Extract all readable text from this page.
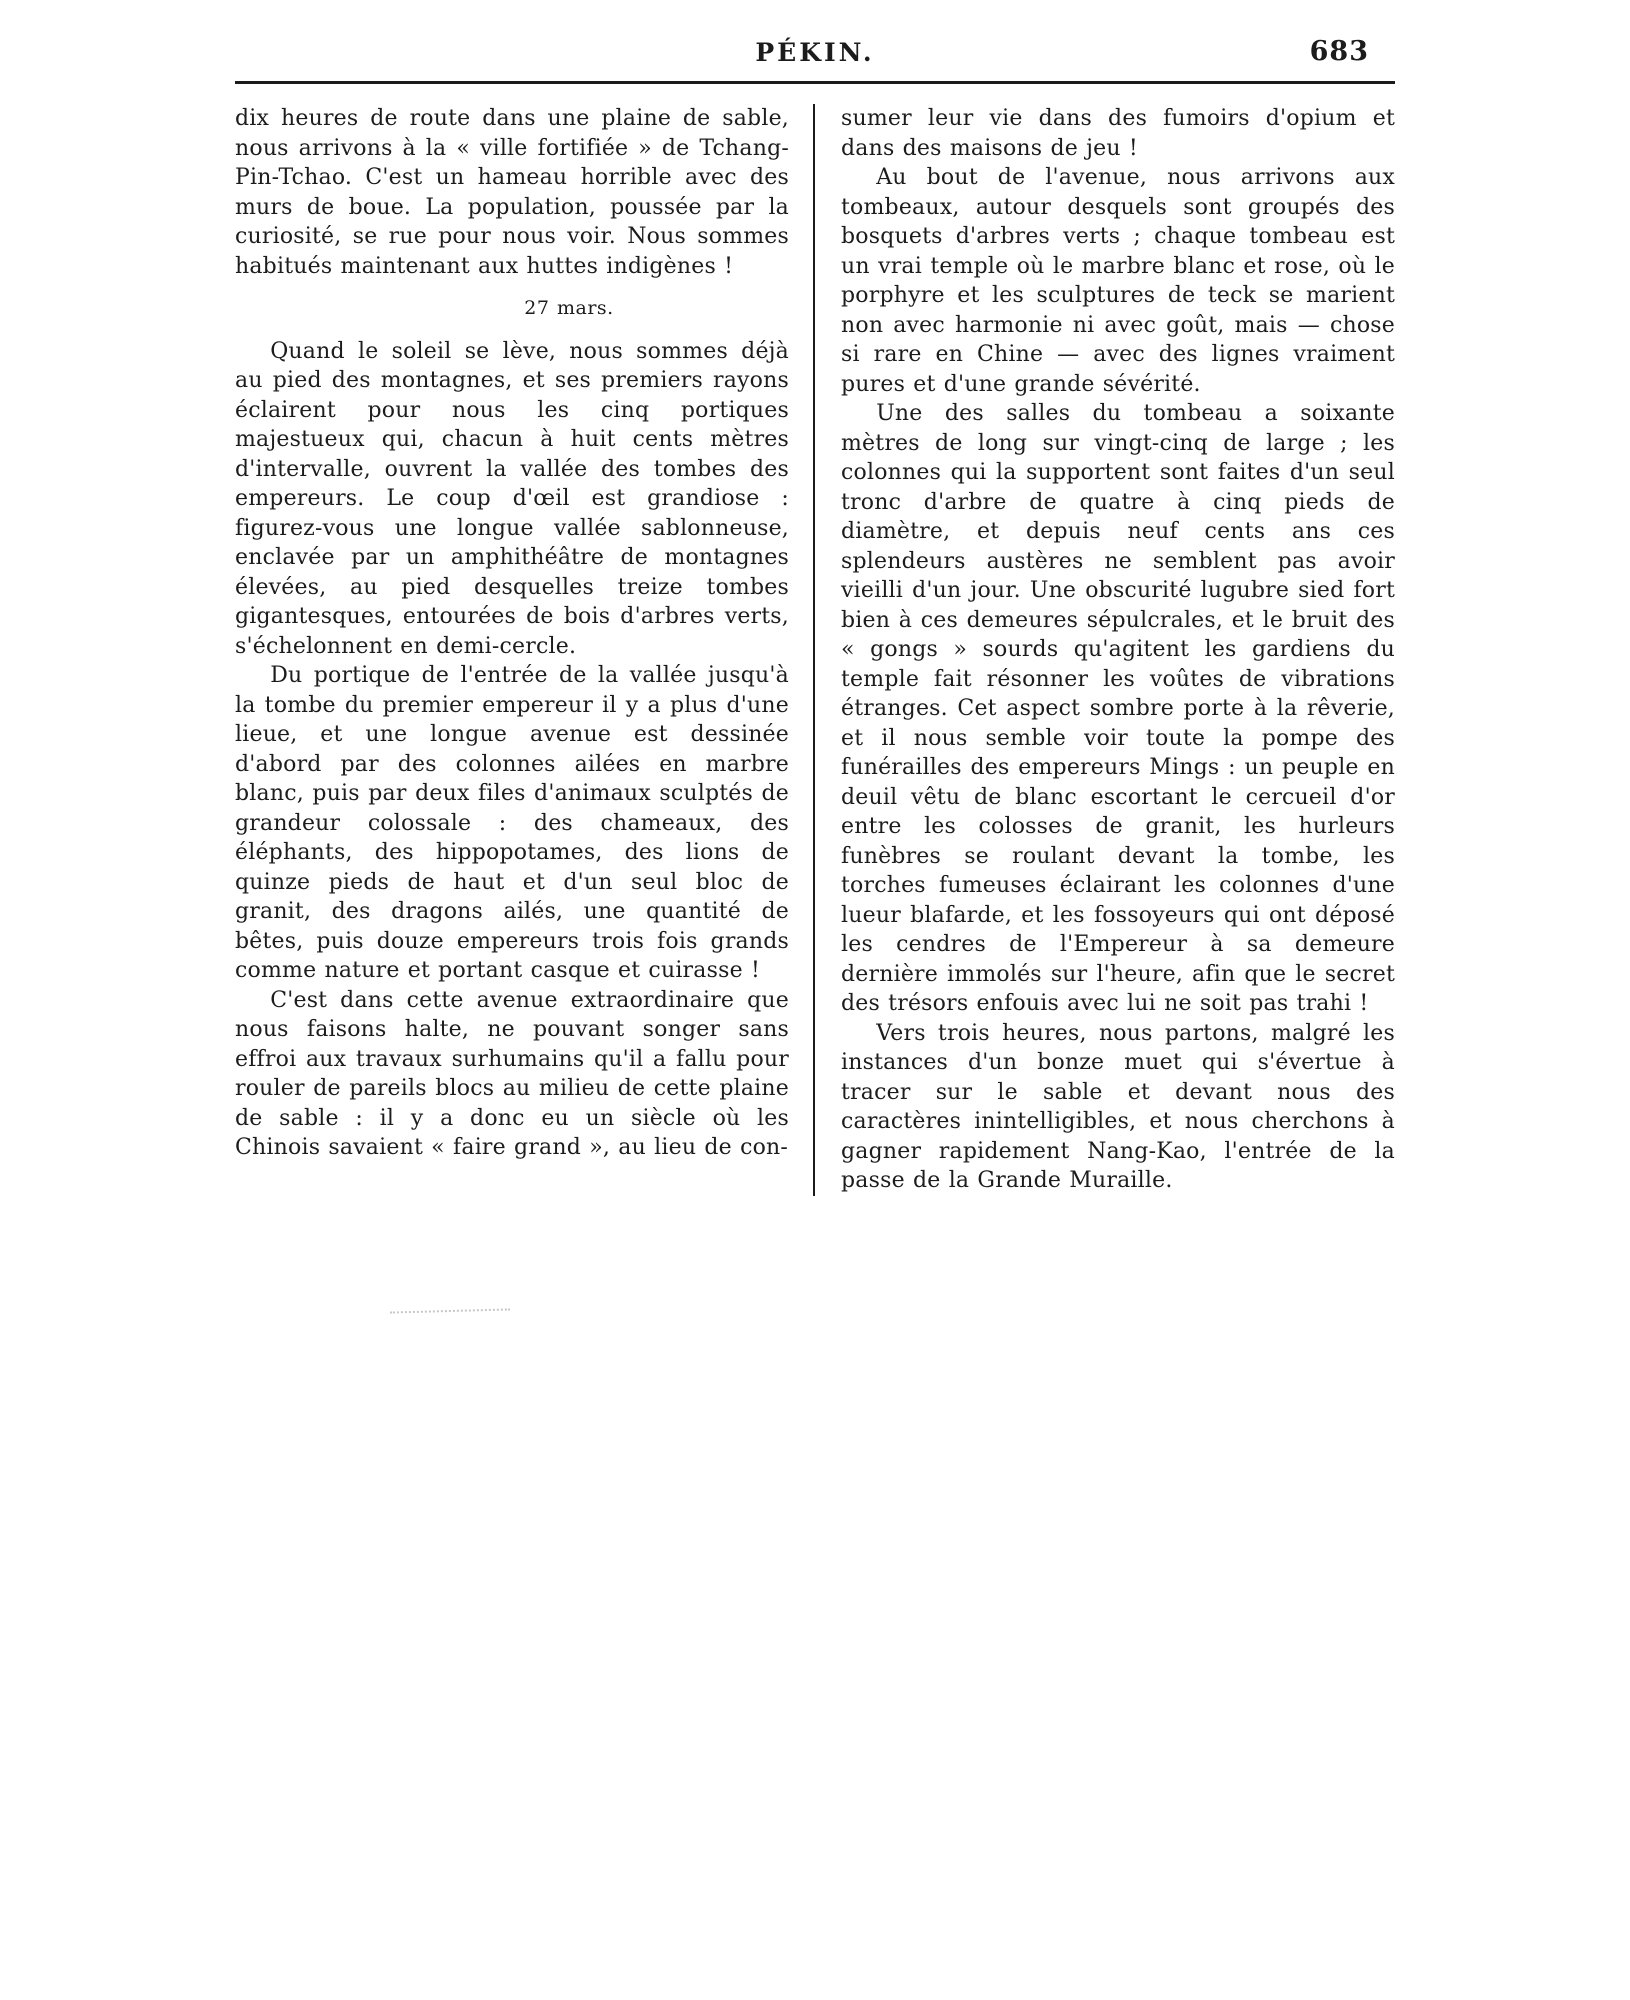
PÉKIN.	683

dix heures de route dans une plaine de sable, nous arrivons à la « ville fortifiée » de Tchang-Pin-Tchao. C'est un hameau horrible avec des murs de boue. La population, poussée par la curiosité, se rue pour nous voir. Nous sommes habitués maintenant aux huttes indigènes !

27 mars.

Quand le soleil se lève, nous sommes déjà au pied des montagnes, et ses premiers rayons éclairent pour nous les cinq portiques majestueux qui, chacun à huit cents mètres d'intervalle, ouvrent la vallée des tombes des empereurs. Le coup d'œil est grandiose : figurez-vous une longue vallée sablonneuse, enclavée par un amphithéâtre de montagnes élevées, au pied desquelles treize tombes gigantesques, entourées de bois d'arbres verts, s'échelonnent en demi-cercle.

Du portique de l'entrée de la vallée jusqu'à la tombe du premier empereur il y a plus d'une lieue, et une longue avenue est dessinée d'abord par des colonnes ailées en marbre blanc, puis par deux files d'animaux sculptés de grandeur colossale : des chameaux, des éléphants, des hippopotames, des lions de quinze pieds de haut et d'un seul bloc de granit, des dragons ailés, une quantité de bêtes, puis douze empereurs trois fois grands comme nature et portant casque et cuirasse !

C'est dans cette avenue extraordinaire que nous faisons halte, ne pouvant songer sans effroi aux travaux surhumains qu'il a fallu pour rouler de pareils blocs au milieu de cette plaine de sable : il y a donc eu un siècle où les Chinois savaient « faire grand », au lieu de con-

sumer leur vie dans des fumoirs d'opium et dans des maisons de jeu !

Au bout de l'avenue, nous arrivons aux tombeaux, autour desquels sont groupés des bosquets d'arbres verts ; chaque tombeau est un vrai temple où le marbre blanc et rose, où le porphyre et les sculptures de teck se marient non avec harmonie ni avec goût, mais — chose si rare en Chine — avec des lignes vraiment pures et d'une grande sévérité.

Une des salles du tombeau a soixante mètres de long sur vingt-cinq de large ; les colonnes qui la supportent sont faites d'un seul tronc d'arbre de quatre à cinq pieds de diamètre, et depuis neuf cents ans ces splendeurs austères ne semblent pas avoir vieilli d'un jour. Une obscurité lugubre sied fort bien à ces demeures sépulcrales, et le bruit des « gongs » sourds qu'agitent les gardiens du temple fait résonner les voûtes de vibrations étranges. Cet aspect sombre porte à la rêverie, et il nous semble voir toute la pompe des funérailles des empereurs Mings : un peuple en deuil vêtu de blanc escortant le cercueil d'or entre les colosses de granit, les hurleurs funèbres se roulant devant la tombe, les torches fumeuses éclairant les colonnes d'une lueur blafarde, et les fossoyeurs qui ont déposé les cendres de l'Empereur à sa demeure dernière immolés sur l'heure, afin que le secret des trésors enfouis avec lui ne soit pas trahi !

Vers trois heures, nous partons, malgré les instances d'un bonze muet qui s'évertue à tracer sur le sable et devant nous des caractères inintelligibles, et nous cherchons à gagner rapidement Nang-Kao, l'entrée de la passe de la Grande Muraille.
